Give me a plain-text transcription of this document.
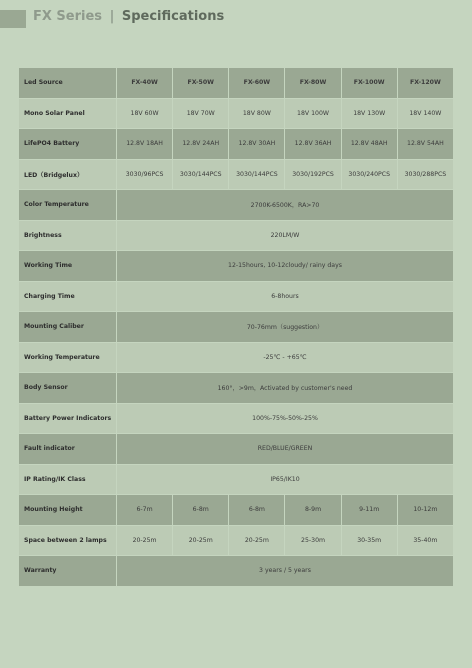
FX Series | Specifications
Led Source	FX-40W	FX-50W	FX-60W	FX-80W	FX-100W	FX-120W
Mono Solar Panel	18V 60W	18V 70W	18V 80W	18V 100W	18V 130W	18V 140W
LifePO4 Battery	12.8V 18AH	12.8V 24AH	12.8V 30AH	12.8V 36AH	12.8V 48AH	12.8V 54AH
LED（Bridgelux）	3030/96PCS	3030/144PCS	3030/144PCS	3030/192PCS	3030/240PCS	3030/288PCS
Color Temperature	2700K-6500K，RA>70					
Brightness	220LM/W					
Working Time	12-15hours, 10-12cloudy/ rainy days					
Charging Time	6-8hours					
Mounting Caliber	70-76mm（suggestion）					
Working Temperature	-25℃ - +65℃					
Body Sensor	160°，>9m，Activated by customer's need					
Battery Power Indicators	100%-75%-50%-25%					
Fault indicator	RED/BLUE/GREEN					
IP Rating/IK Class	IP65/IK10					
Mounting Height	6-7m	6-8m	6-8m	8-9m	9-11m	10-12m
Space between 2 lamps	20-25m	20-25m	20-25m	25-30m	30-35m	35-40m
Warranty	3 years / 5 years					
